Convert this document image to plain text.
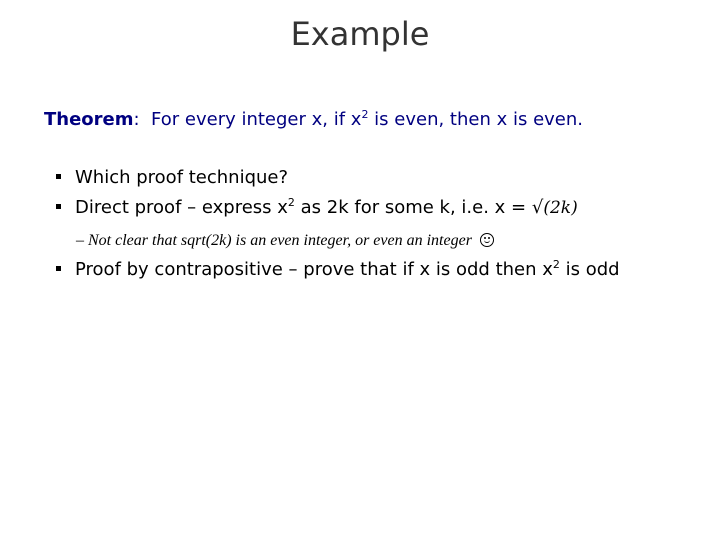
Example
Theorem: For every integer x, if $x^2$ is even, then x is even.
Which proof technique?
Direct proof – express $x^2$ as 2k for some k, i.e. x = √(2k)
– Not clear that sqrt(2k) is an even integer, or even an integer
Proof by contrapositive – prove that if x is odd then $x^2$ is odd
